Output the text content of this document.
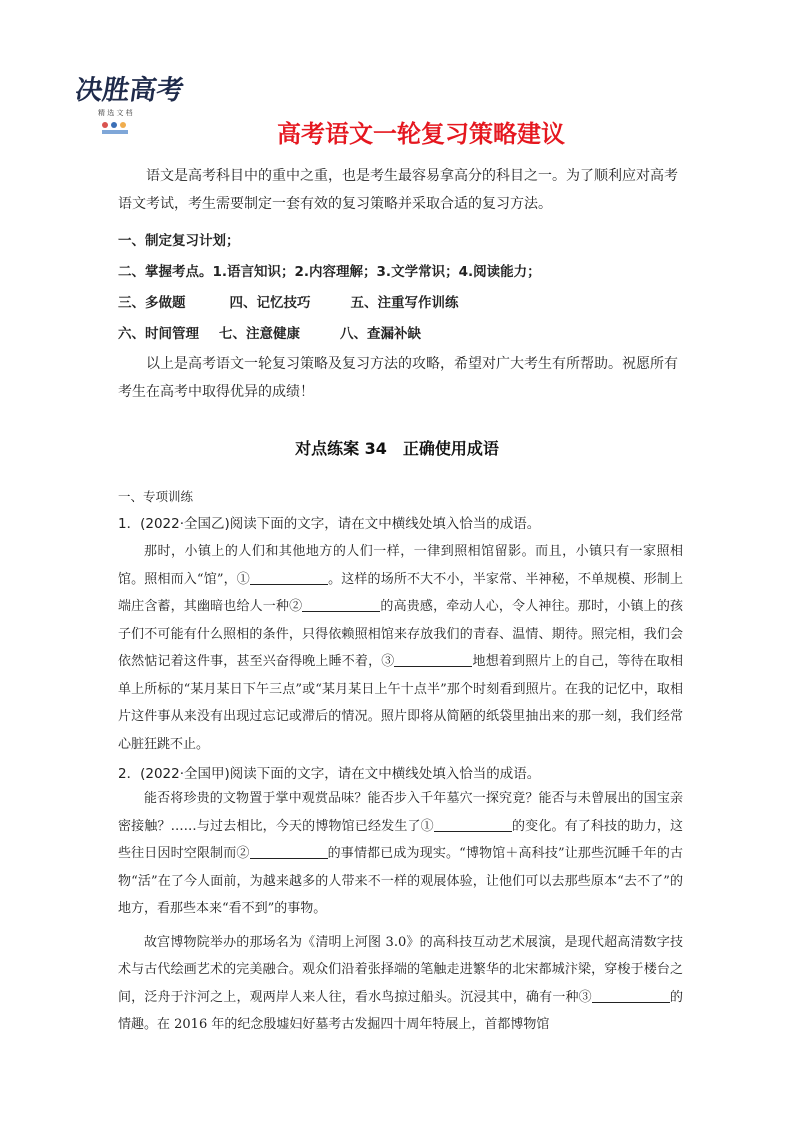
决胜高考
精 选 文 档
高考语文一轮复习策略建议
语文是高考科目中的重中之重，也是考生最容易拿高分的科目之一。为了顺利应对高考语文考试，考生需要制定一套有效的复习策略并采取合适的复习方法。
一、制定复习计划；
二、掌握考点。1.语言知识；2.内容理解；3.文学常识；4.阅读能力；
三、多做题	四、记忆技巧	五、注重写作训练
六、时间管理 七、注意健康	八、查漏补缺
以上是高考语文一轮复习策略及复习方法的攻略，希望对广大考生有所帮助。祝愿所有考生在高考中取得优异的成绩！
对点练案 34　正确使用成语
一、专项训练
1．(2022·全国乙)阅读下面的文字，请在文中横线处填入恰当的成语。

那时，小镇上的人们和其他地方的人们一样，一律到照相馆留影。而且，小镇只有一家照相馆。照相而入“馆”，①	。这样的场所不大不小，半家常、半神秘，不单规模、形制上端庄含蓄，其幽暗也给人一种②	的高贵感，牵动人心，令人神往。那时，小镇上的孩子们不可能有什么照相的条件，只得依赖照相馆来存放我们的青春、温情、期待。照完相，我们会依然惦记着这件事，甚至兴奋得晚上睡不着，③	地想着到照片上的自己，等待在取相单上所标的“某月某日下午三点”或“某月某日上午十点半”那个时刻看到照片。在我的记忆中，取相片这件事从来没有出现过忘记或滞后的情况。照片即将从简陋的纸袋里抽出来的那一刻，我们经常心脏狂跳不止。

2．(2022·全国甲)阅读下面的文字，请在文中横线处填入恰当的成语。

能否将珍贵的文物置于掌中观赏品味？能否步入千年墓穴一探究竟？能否与未曾展出的国宝亲密接触？……与过去相比，今天的博物馆已经发生了①	的变化。有了科技的助力，这些往日因时空限制而②	的事情都已成为现实。“博物馆＋高科技”让那些沉睡千年的古物“活”在了今人面前，为越来越多的人带来不一样的观展体验，让他们可以去那些原本“去不了”的地方，看那些本来“看不到”的事物。

故宫博物院举办的那场名为《清明上河图 3.0》的高科技互动艺术展演，是现代超高清数字技术与古代绘画艺术的完美融合。观众们沿着张择端的笔触走进繁华的北宋都城汴梁，穿梭于楼台之间，泛舟于汴河之上，观两岸人来人往，看水鸟掠过船头。沉浸其中，确有一种③	的情趣。在 2016 年的纪念殷墟妇好墓考古发掘四十周年特展上，首都博物馆
